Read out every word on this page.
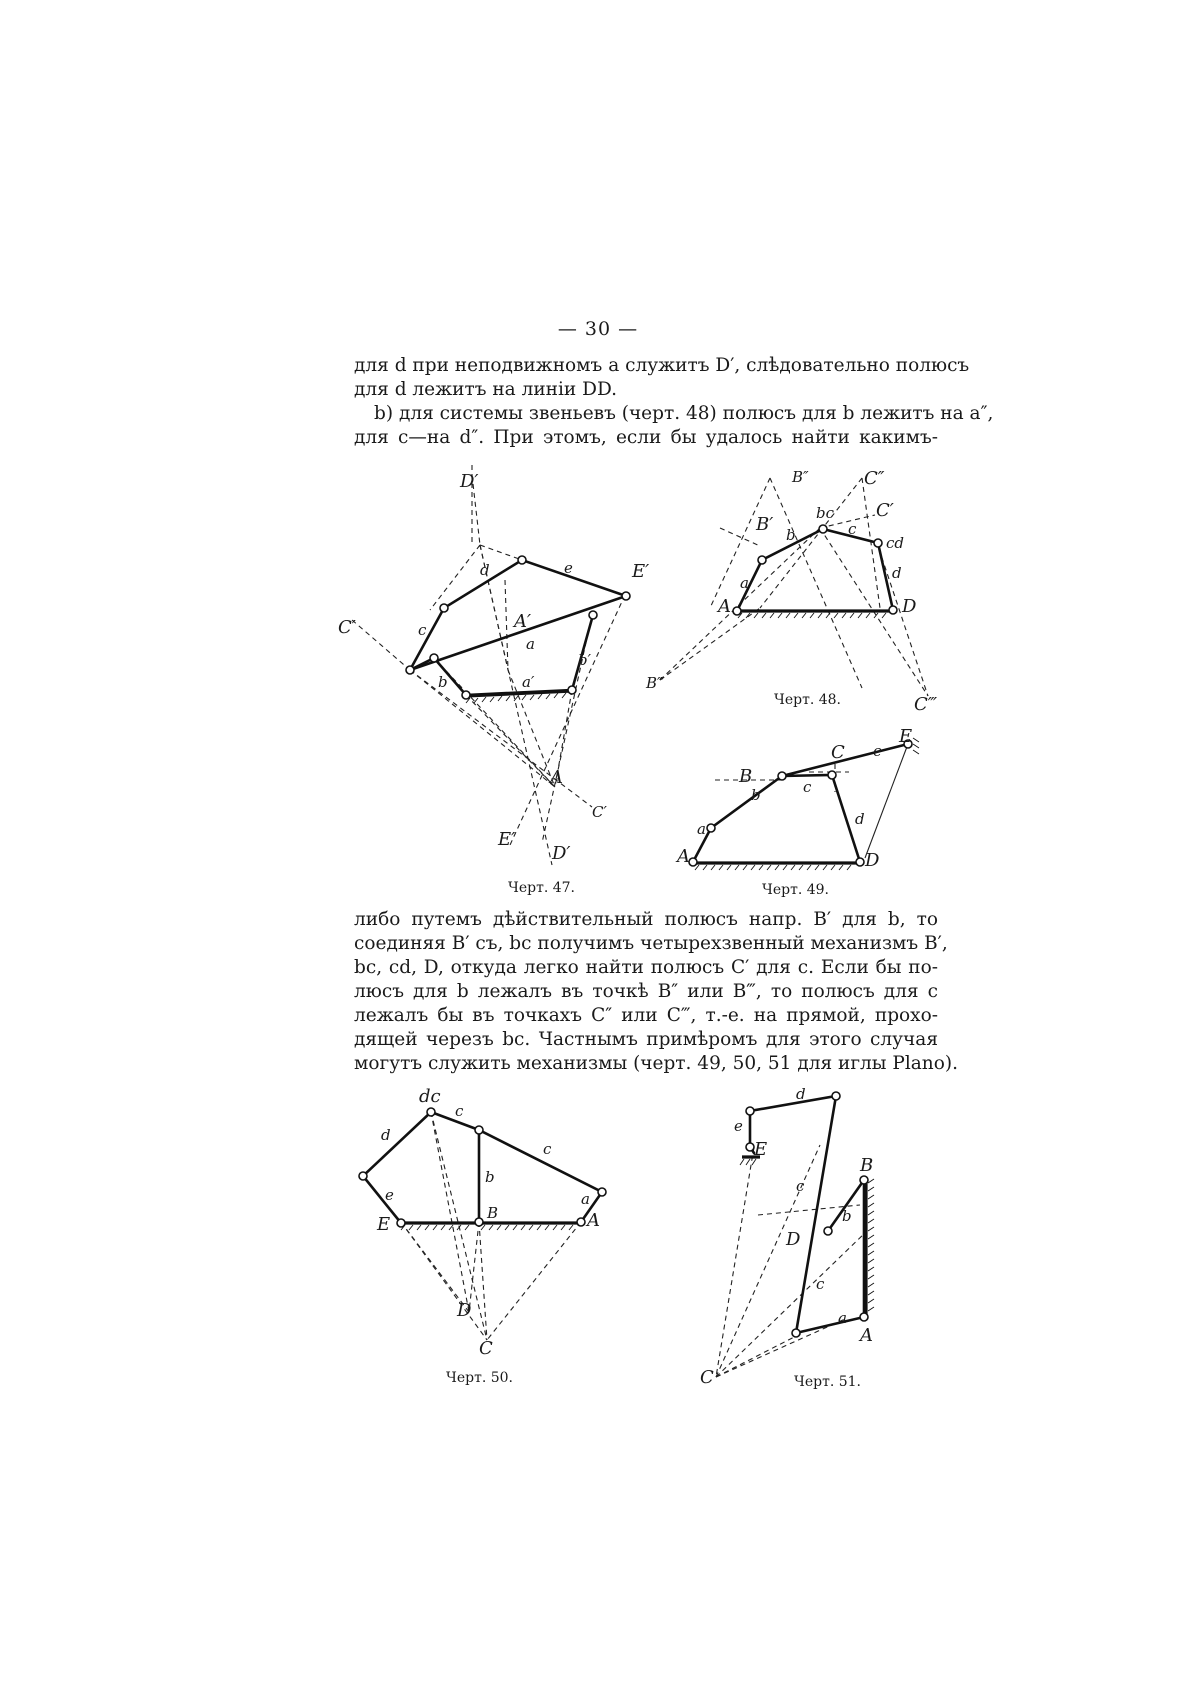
— 30 —
для d при неподвижномъ a служитъ D′, слѣдовательно полюсъ
для d лежитъ на линіи DD.
b) для системы звеньевъ (черт. 48) полюсъ для b лежитъ на a″,
для c—на d″. При этомъ, если бы удалось найти какимъ-
либо путемъ дѣйствительный полюсъ напр. B′ для b, то
соединяя B′ съ, bc получимъ четырехзвенный механизмъ B′,
bc, cd, D, откуда легко найти полюсъ C′ для c. Если бы по-
люсъ для b лежалъ въ точкѣ B″ или B‴, то полюсъ для c
лежалъ бы въ точкахъ C″ или C‴, т.-е. на прямой, прохо-
дящей черезъ bc. Частнымъ примѣромъ для этого случая
могутъ служить механизмы (черт. 49, 50, 51 для иглы Plano).
D′
E′
C′	c
d	e
A′
a
b	a′
b′
A
C′
E′
D′
Черт. 47.
B″	C″
bc C′
B′ b	c
cd
d
a
A	D
B‴
C‴
Черт. 48.
E
C e
B
b	c
a
d
A	D
Черт. 49.
dc
c
d
b
c
e	a
E
B	A
D
C
Черт. 50.
d
e
E
c
B
b
D
c
a
A
C	Черт. 51.
